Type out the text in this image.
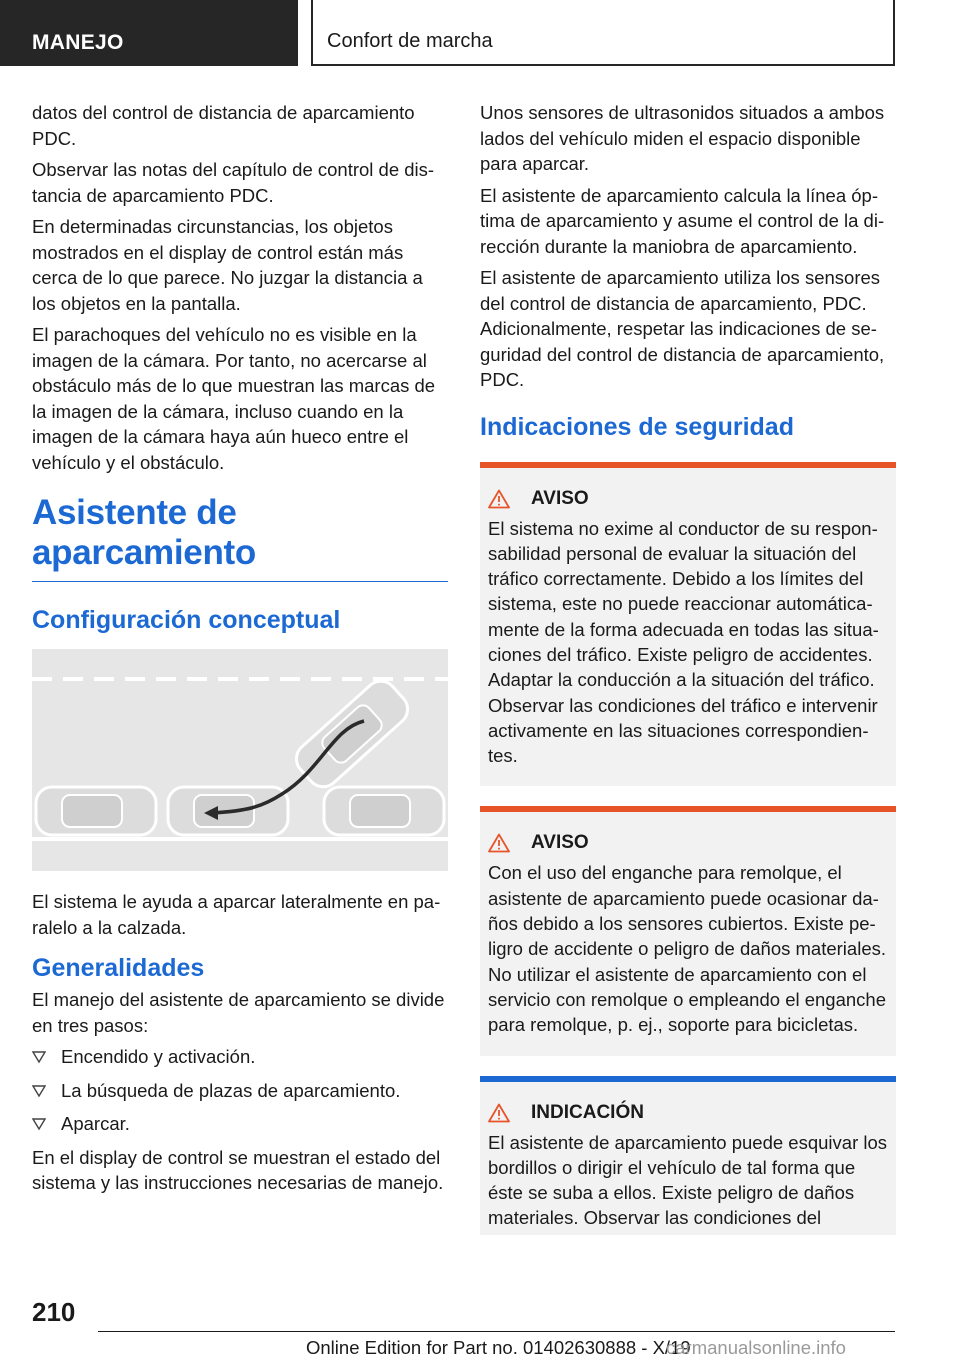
MANEJO	Confort de marcha

datos del control de distancia de aparcamiento PDC.

Observar las notas del capítulo de control de distancia de aparcamiento PDC.

En determinadas circunstancias, los objetos mostrados en el display de control están más cerca de lo que parece. No juzgar la distancia a los objetos en la pantalla.

El parachoques del vehículo no es visible en la imagen de la cámara. Por tanto, no acercarse al obstáculo más de lo que muestran las marcas de la imagen de la cámara, incluso cuando en la imagen de la cámara haya aún hueco entre el vehículo y el obstáculo.

Asistente de aparcamiento
Configuración conceptual

El sistema le ayuda a aparcar lateralmente en paralelo a la calzada.

Generalidades

El manejo del asistente de aparcamiento se divide en tres pasos:

Encendido y activación.
La búsqueda de plazas de aparcamiento.
Aparcar.

En el display de control se muestran el estado del sistema y las instrucciones necesarias de manejo.

Unos sensores de ultrasonidos situados a ambos lados del vehículo miden el espacio disponible para aparcar.

El asistente de aparcamiento calcula la línea óptima de aparcamiento y asume el control de la dirección durante la maniobra de aparcamiento.

El asistente de aparcamiento utiliza los sensores del control de distancia de aparcamiento, PDC. Adicionalmente, respetar las indicaciones de seguridad del control de distancia de aparcamiento, PDC.

Indicaciones de seguridad
AVISO

El sistema no exime al conductor de su responsabilidad personal de evaluar la situación del tráfico correctamente. Debido a los límites del sistema, este no puede reaccionar automáticamente de la forma adecuada en todas las situaciones del tráfico. Existe peligro de accidentes. Adaptar la conducción a la situación del tráfico. Observar las condiciones del tráfico e intervenir activamente en las situaciones correspondientes.

AVISO

Con el uso del enganche para remolque, el asistente de aparcamiento puede ocasionar daños debido a los sensores cubiertos. Existe peligro de accidente o peligro de daños materiales. No utilizar el asistente de aparcamiento con el servicio con remolque o empleando el enganche para remolque, p. ej., soporte para bicicletas.

INDICACIÓN

El asistente de aparcamiento puede esquivar los bordillos o dirigir el vehículo de tal forma que éste se suba a ellos. Existe peligro de daños materiales. Observar las condiciones del

210
Online Edition for Part no. 01402630888 - X/19
carmanualsonline.info
